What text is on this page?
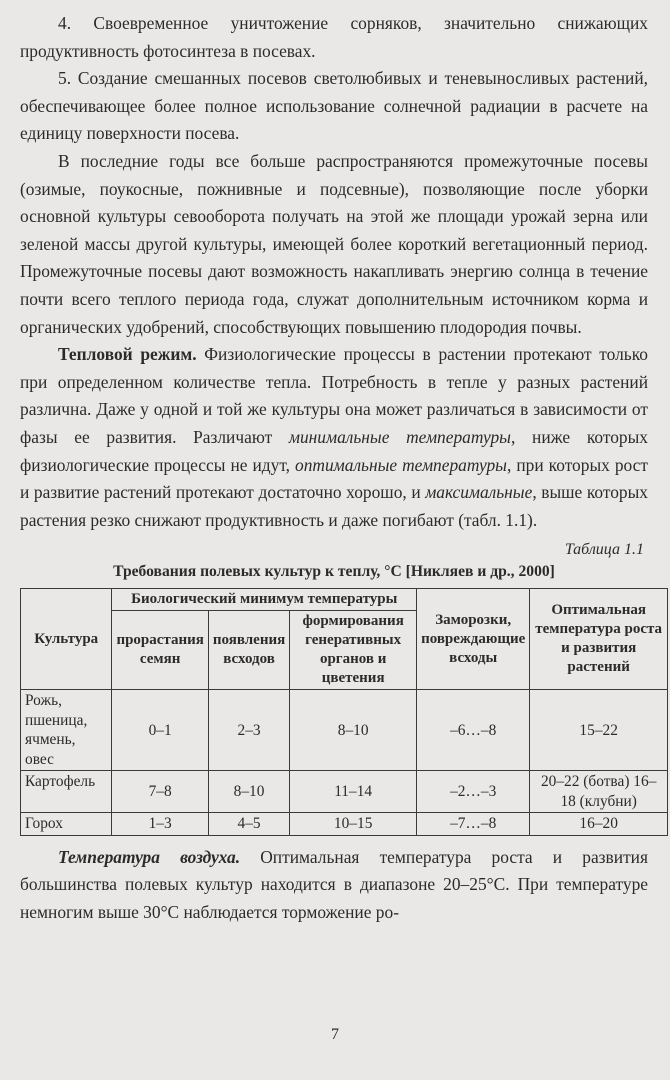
4. Своевременное уничтожение сорняков, значительно снижающих продуктивность фотосинтеза в посевах.

5. Создание смешанных посевов светолюбивых и теневыносливых растений, обеспечивающее более полное использование солнечной радиации в расчете на единицу поверхности посева.

В последние годы все больше распространяются промежуточные посевы (озимые, поукосные, пожнивные и подсевные), позволяющие после уборки основной культуры севооборота получать на этой же площади урожай зерна или зеленой массы другой культуры, имеющей более короткий вегетационный период. Промежуточные посевы дают возможность накапливать энергию солнца в течение почти всего теплого периода года, служат дополнительным источником корма и органических удобрений, способствующих повышению плодородия почвы.

Тепловой режим. Физиологические процессы в растении протекают только при определенном количестве тепла. Потребность в тепле у разных растений различна. Даже у одной и той же культуры она может различаться в зависимости от фазы ее развития. Различают минимальные температуры, ниже которых физиологические процессы не идут, оптимальные температуры, при которых рост и развитие растений протекают достаточно хорошо, и максимальные, выше которых растения резко снижают продуктивность и даже погибают (табл. 1.1).

Таблица 1.1
Требования полевых культур к теплу, °С [Никляев и др., 2000]
Культура	Биологический минимум температуры			Заморозки, повреждающие всходы	Оптимальная температура роста и развития растений
	прорастания семян	появления всходов	формирования генеративных органов и цветения		
Рожь, пшеница, ячмень, овес	0–1	2–3	8–10	–6…–8	15–22
Картофель	7–8	8–10	11–14	–2…–3	20–22 (ботва) 16–18 (клубни)
Горох	1–3	4–5	10–15	–7…–8	16–20

Температура воздуха. Оптимальная температура роста и развития большинства полевых культур находится в диапазоне 20–25°С. При температуре немногим выше 30°С наблюдается торможение ро-

7
